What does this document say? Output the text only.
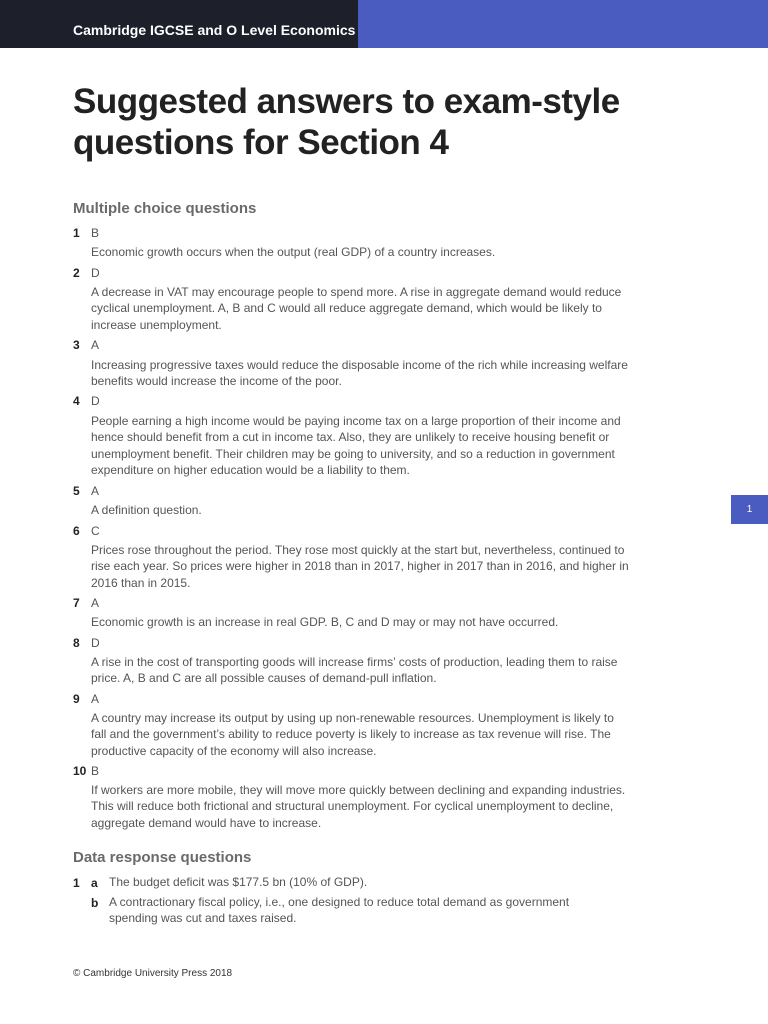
Cambridge IGCSE and O Level Economics
Suggested answers to exam-style questions for Section 4
Multiple choice questions
1 B
Economic growth occurs when the output (real GDP) of a country increases.
2 D
A decrease in VAT may encourage people to spend more. A rise in aggregate demand would reduce cyclical unemployment. A, B and C would all reduce aggregate demand, which would be likely to increase unemployment.
3 A
Increasing progressive taxes would reduce the disposable income of the rich while increasing welfare benefits would increase the income of the poor.
4 D
People earning a high income would be paying income tax on a large proportion of their income and hence should benefit from a cut in income tax. Also, they are unlikely to receive housing benefit or unemployment benefit. Their children may be going to university, and so a reduction in government expenditure on higher education would be a liability to them.
5 A
A definition question.
6 C
Prices rose throughout the period. They rose most quickly at the start but, nevertheless, continued to rise each year. So prices were higher in 2018 than in 2017, higher in 2017 than in 2016, and higher in 2016 than in 2015.
7 A
Economic growth is an increase in real GDP. B, C and D may or may not have occurred.
8 D
A rise in the cost of transporting goods will increase firms’ costs of production, leading them to raise price. A, B and C are all possible causes of demand-pull inflation.
9 A
A country may increase its output by using up non-renewable resources. Unemployment is likely to fall and the government’s ability to reduce poverty is likely to increase as tax revenue will rise. The productive capacity of the economy will also increase.
10 B
If workers are more mobile, they will move more quickly between declining and expanding industries. This will reduce both frictional and structural unemployment. For cyclical unemployment to decline, aggregate demand would have to increase.
Data response questions
1 a The budget deficit was $177.5 bn (10% of GDP).
b A contractionary fiscal policy, i.e., one designed to reduce total demand as government spending was cut and taxes raised.
1
© Cambridge University Press 2018
